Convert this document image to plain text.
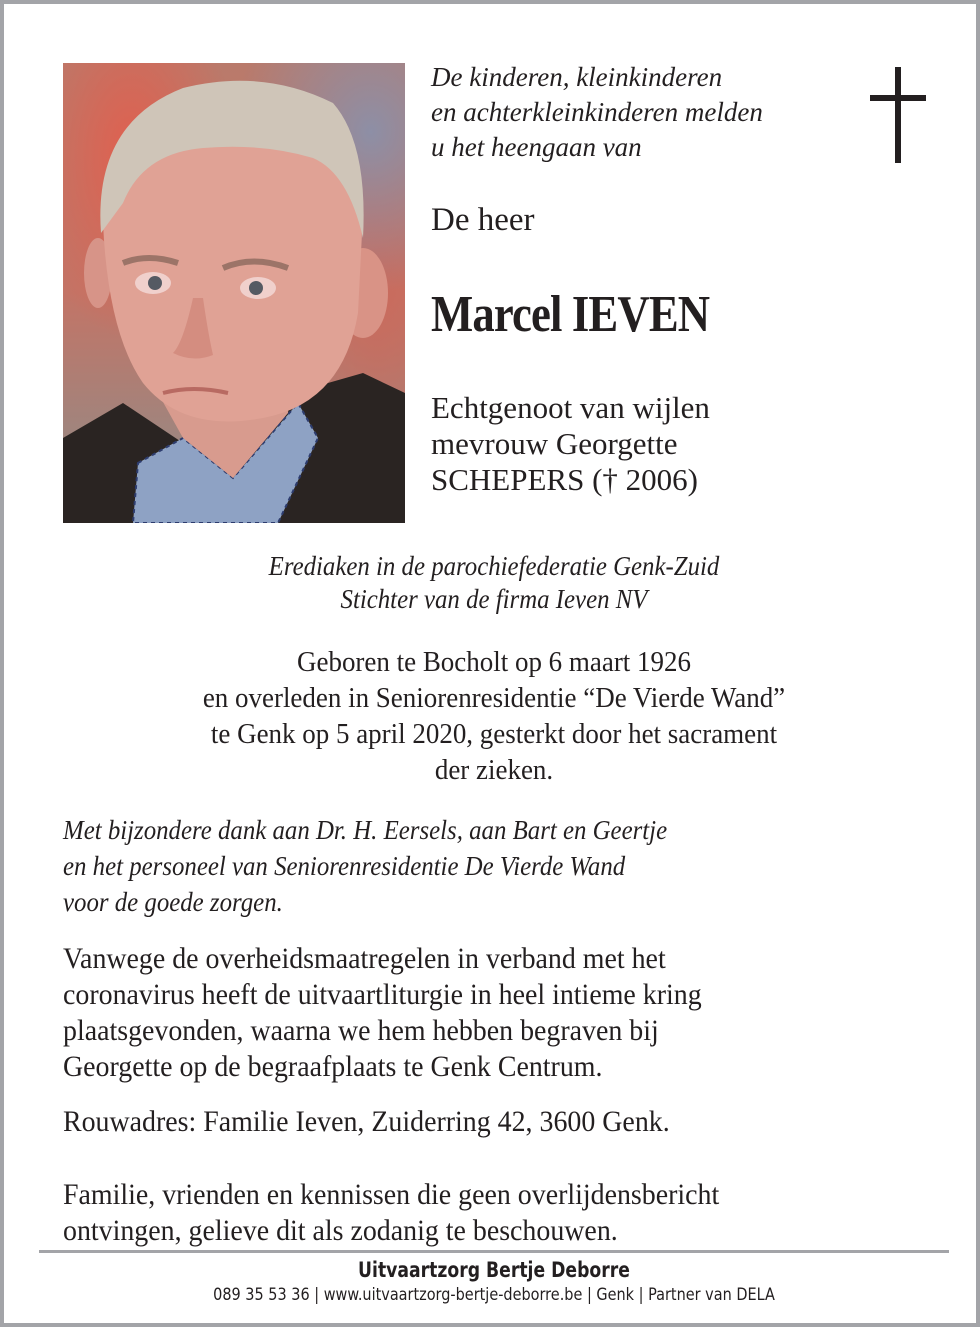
De kinderen, kleinkinderen
en achterkleinkinderen melden
u het heengaan van
De heer
Marcel IEVEN
Echtgenoot van wijlen
mevrouw Georgette
SCHEPERS († 2006)
Erediaken in de parochiefederatie Genk-Zuid
Stichter van de firma Ieven NV
Geboren te Bocholt op 6 maart 1926
en overleden in Seniorenresidentie “De Vierde Wand”
te Genk op 5 april 2020, gesterkt door het sacrament
der zieken.
Met bijzondere dank aan Dr. H. Eersels, aan Bart en Geertje
en het personeel van Seniorenresidentie De Vierde Wand
voor de goede zorgen.
Vanwege de overheidsmaatregelen in verband met het
coronavirus heeft de uitvaartliturgie in heel intieme kring
plaatsgevonden, waarna we hem hebben begraven bij
Georgette op de begraafplaats te Genk Centrum.
Rouwadres: Familie Ieven, Zuiderring 42, 3600 Genk.
Familie, vrienden en kennissen die geen overlijdensbericht
ontvingen, gelieve dit als zodanig te beschouwen.
Uitvaartzorg Bertje Deborre
089 35 53 36 | www.uitvaartzorg-bertje-deborre.be | Genk | Partner van DELA
